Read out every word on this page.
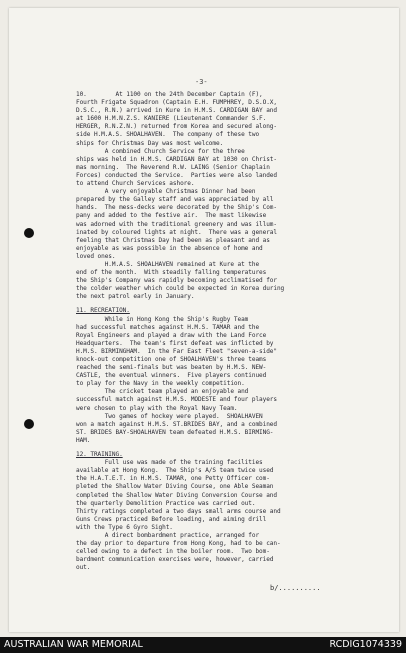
-3-
10.        At 1100 on the 24th December Captain (F),
Fourth Frigate Squadron (Captain E.H. FUMPHREY, D.S.O.X,
D.S.C., R.N.) arrived in Kure in H.M.S. CARDIGAN BAY and
at 1600 H.M.N.Z.S. KANIERE (Lieutenant Commander S.F.
HERGER, R.N.Z.N.) returned from Korea and secured along-
side H.M.A.S. SHOALHAVEN.  The company of these two
ships for Christmas Day was most welcome.
A combined Church Service for the three
ships was held in H.M.S. CARDIGAN BAY at 1030 on Christ-
mas morning.  The Reverend R.W. LAING (Senior Chaplain
Forces) conducted the Service.  Parties were also landed
to attend Church Services ashore.
A very enjoyable Christmas Dinner had been
prepared by the Galley staff and was appreciated by all
hands.  The mess-decks were decorated by the Ship's Com-
pany and added to the festive air.  The mast likewise
was adorned with the traditional greenery and was illum-
inated by coloured lights at night.  There was a general
feeling that Christmas Day had been as pleasant and as
enjoyable as was possible in the absence of home and
loved ones.
H.M.A.S. SHOALHAVEN remained at Kure at the
end of the month.  With steadily falling temperatures
the Ship's Company was rapidly becoming acclimatised for
the colder weather which could be expected in Korea during
the next patrol early in January.
11. RECREATION.
While in Hong Kong the Ship's Rugby Team
had successful matches against H.M.S. TAMAR and the
Royal Engineers and played a draw with the Land Force
Headquarters.  The team's first defeat was inflicted by
H.M.S. BIRMINGHAM.  In the Far East Fleet "seven-a-side"
knock-out competition one of SHOALHAVEN's three teams
reached the semi-finals but was beaten by H.M.S. NEW-
CASTLE, the eventual winners.  Five players continued
to play for the Navy in the weekly competition.
The cricket team played an enjoyable and
successful match against H.M.S. MODESTE and four players
were chosen to play with the Royal Navy Team.
Two games of hockey were played.  SHOALHAVEN
won a match against H.M.S. ST.BRIDES BAY, and a combined
ST. BRIDES BAY-SHOALHAVEN team defeated H.M.S. BIRMING-
HAM.
12. TRAINING.
Full use was made of the training facilities
available at Hong Kong.  The Ship's A/S team twice used
the H.A.T.E.T. in H.M.S. TAMAR, one Petty Officer com-
pleted the Shallow Water Diving Course, one Able Seaman
completed the Shallow Water Diving Conversion Course and
the quarterly Demolition Practice was carried out.
Thirty ratings completed a two days small arms course and
Guns Crews practiced Before loading, and aiming drill
with the Type 6 Gyro Sight.
A direct bombardment practice, arranged for
the day prior to departure from Hong Kong, had to be can-
celled owing to a defect in the boiler room.  Two bom-
bardment communication exercises were, however, carried
out.
b/..........
AUSTRALIAN WAR MEMORIAL	RCDIG1074339
